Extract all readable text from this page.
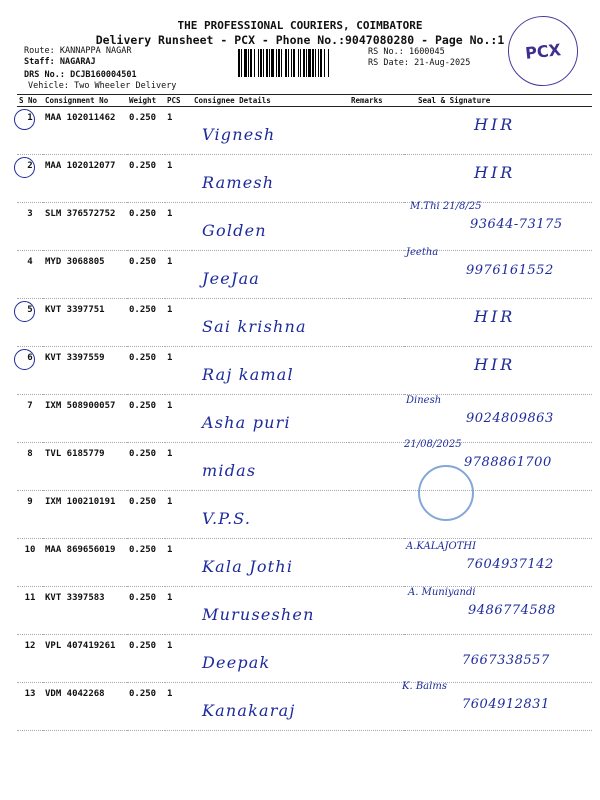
THE PROFESSIONAL COURIERS, COIMBATORE
Delivery Runsheet - PCX - Phone No.:9047080280 - Page No.:1
Route: KANNAPPA NAGAR
Staff: NAGARAJ
DRS No.: DCJB160004501
Vehicle: Two Wheeler Delivery
RS No.: 1600045
RS Date: 21-Aug-2025
PCX
S No	Consignment No	Weight	PCS	Consignee Details	Remarks	Seal & Signature
1	MAA 102011462	0.250	1	Vignesh		HIR

2	MAA 102012077	0.250	1	Ramesh		HIR

3	SLM 376572752	0.250	1	Golden		M.Thi 21/8/25
93644-73175

4	MYD 3068805	0.250	1	JeeJaa		Jeetha
9976161552

5	KVT 3397751	0.250	1	Sai krishna		HIR

6	KVT 3397559	0.250	1	Raj kamal		HIR

7	IXM 508900057	0.250	1	Asha puri		Dinesh
9024809863

8	TVL 6185779	0.250	1	midas		21/08/2025
9788861700

9	IXM 100210191	0.250	1	V.P.S.		

10	MAA 869656019	0.250	1	Kala Jothi		A.KALAJOTHI
7604937142

11	KVT 3397583	0.250	1	Muruseshen		A. Muniyandi
9486774588

12	VPL 407419261	0.250	1	Deepak		7667338557

13	VDM 4042268	0.250	1	Kanakaraj		K. Balms
7604912831
